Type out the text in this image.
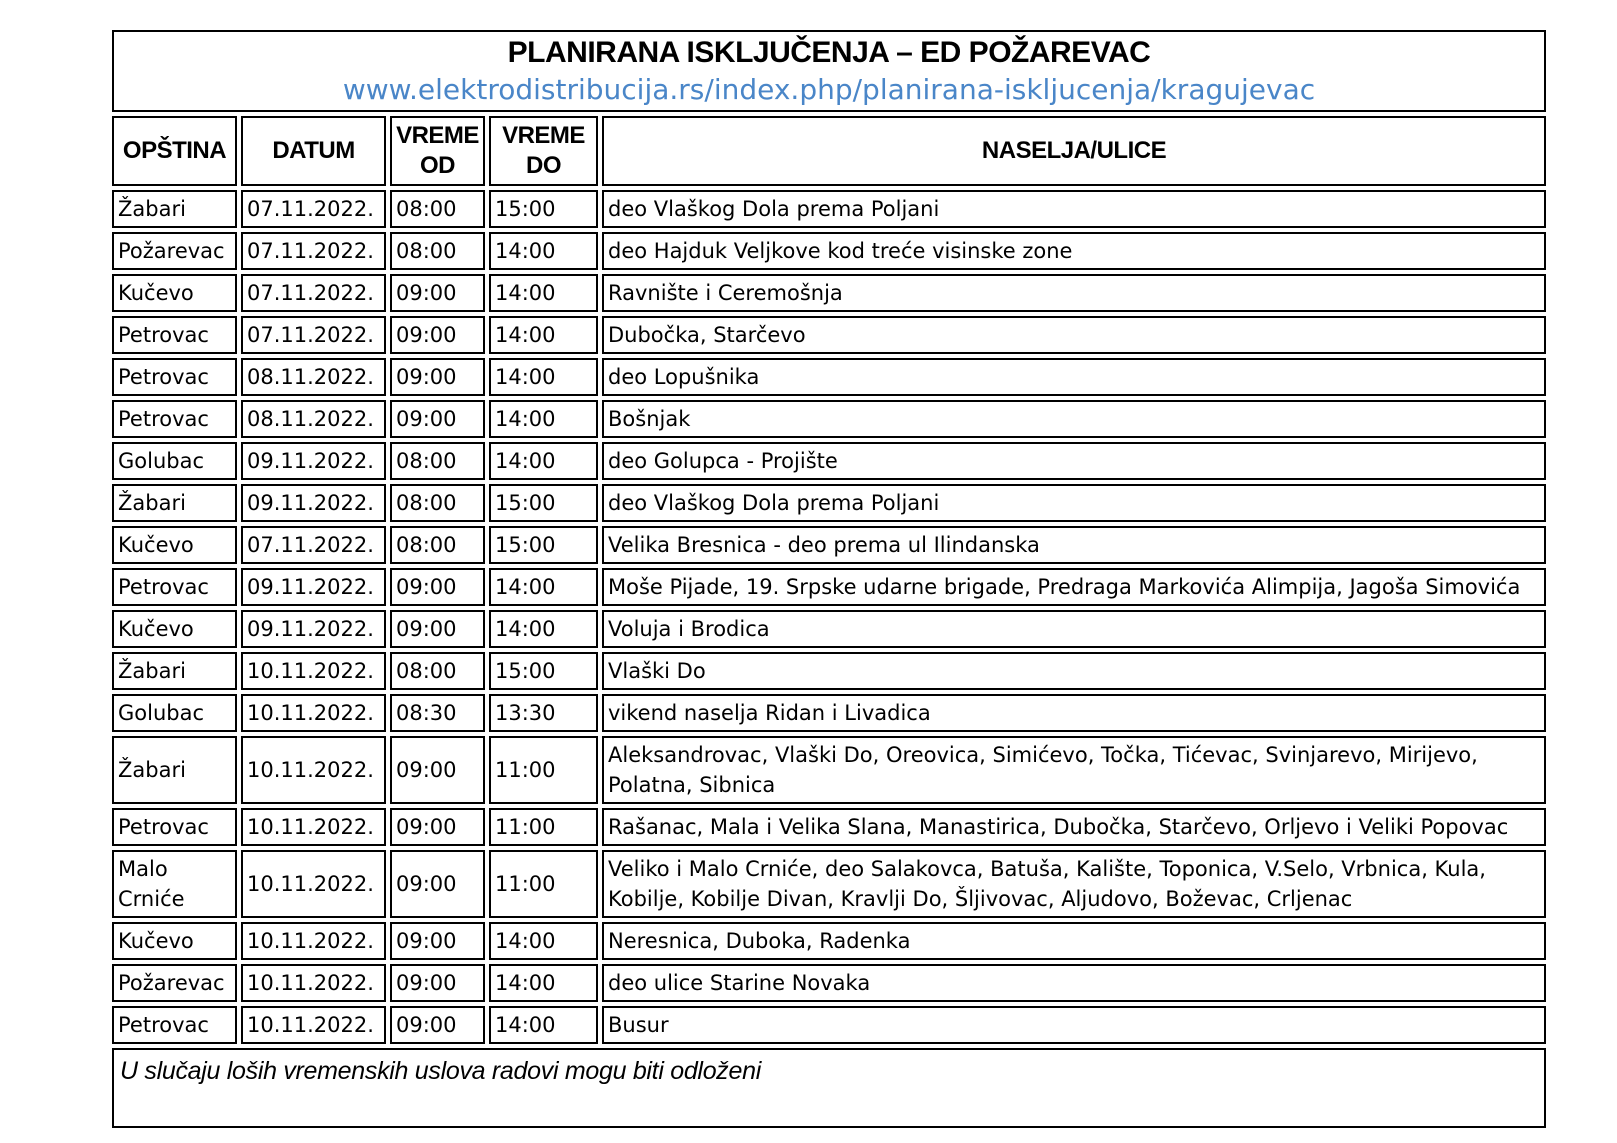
PLANIRANA ISKLJUČENJA – ED POŽAREVAC
www.elektrodistribucija.rs/index.php/planirana-iskljucenja/kragujevac				

OPŠTINA	DATUM	VREME OD	VREME DO	NASELJA/ULICE
Žabari	07.11.2022.	08:00	15:00	deo Vlaškog Dola prema Poljani
Požarevac	07.11.2022.	08:00	14:00	deo Hajduk Veljkove kod treće visinske zone
Kučevo	07.11.2022.	09:00	14:00	Ravnište i Ceremošnja
Petrovac	07.11.2022.	09:00	14:00	Dubočka, Starčevo
Petrovac	08.11.2022.	09:00	14:00	deo Lopušnika
Petrovac	08.11.2022.	09:00	14:00	Bošnjak
Golubac	09.11.2022.	08:00	14:00	deo Golupca - Projište
Žabari	09.11.2022.	08:00	15:00	deo Vlaškog Dola prema Poljani
Kučevo	07.11.2022.	08:00	15:00	Velika Bresnica - deo prema ul Ilindanska
Petrovac	09.11.2022.	09:00	14:00	Moše Pijade, 19. Srpske udarne brigade, Predraga Markovića Alimpija, Jagoša Simovića
Kučevo	09.11.2022.	09:00	14:00	Voluja i Brodica
Žabari	10.11.2022.	08:00	15:00	Vlaški Do
Golubac	10.11.2022.	08:30	13:30	vikend naselja Ridan i Livadica
Žabari	10.11.2022.	09:00	11:00	Aleksandrovac, Vlaški Do, Oreovica, Simićevo, Točka, Tićevac, Svinjarevo, Mirijevo, Polatna, Sibnica
Petrovac	10.11.2022.	09:00	11:00	Rašanac, Mala i Velika Slana, Manastirica, Dubočka, Starčevo, Orljevo i Veliki Popovac
Malo Crniće	10.11.2022.	09:00	11:00	Veliko i Malo Crniće, deo Salakovca, Batuša, Kalište, Toponica, V.Selo, Vrbnica, Kula, Kobilje, Kobilje Divan, Kravlji Do, Šljivovac, Aljudovo, Boževac, Crljenac
Kučevo	10.11.2022.	09:00	14:00	Neresnica, Duboka, Radenka
Požarevac	10.11.2022.	09:00	14:00	deo ulice Starine Novaka
Petrovac	10.11.2022.	09:00	14:00	Busur
U slučaju loših vremenskih uslova radovi mogu biti odloženi				
